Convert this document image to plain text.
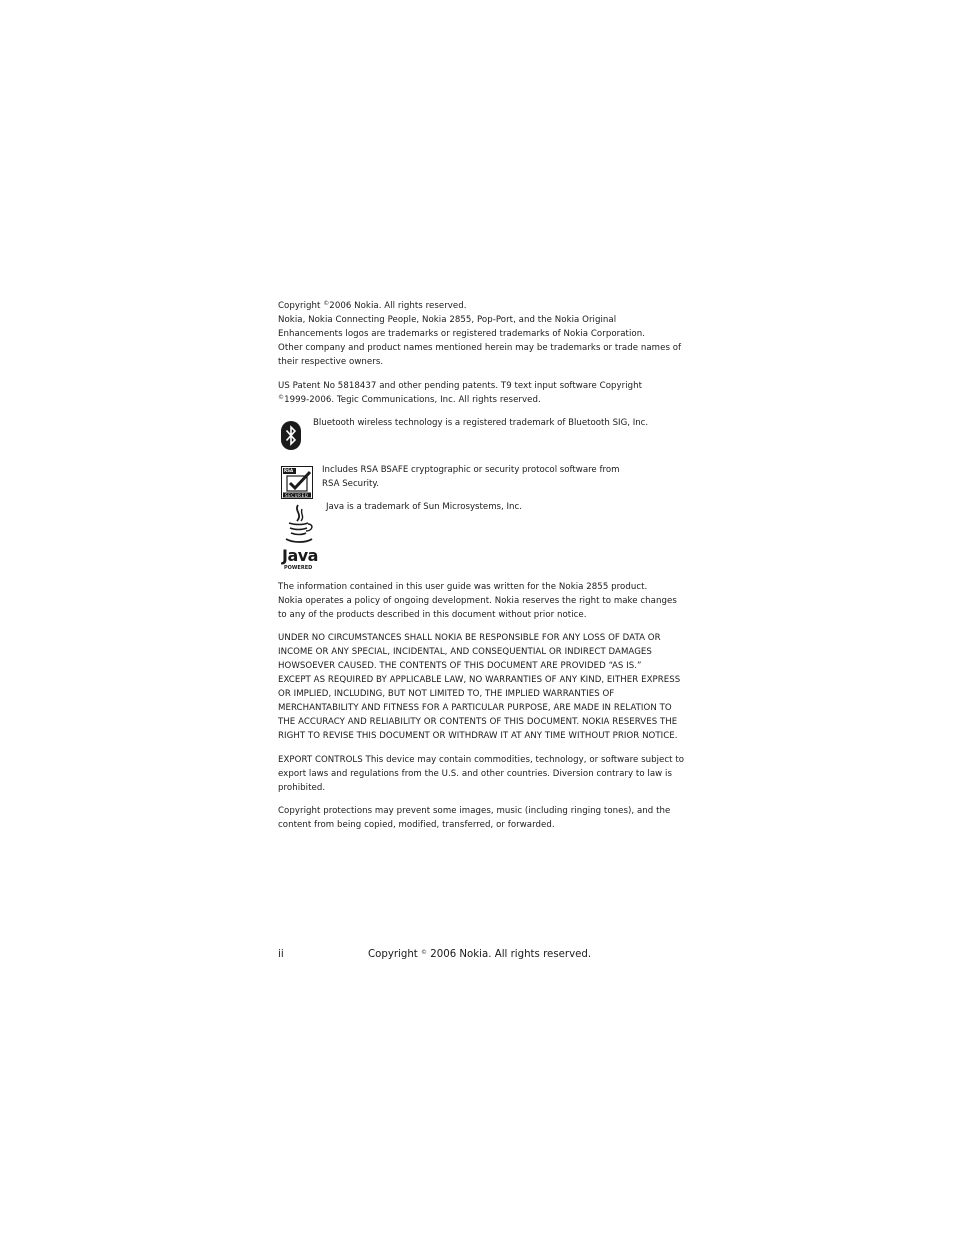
Copyright ©2006 Nokia. All rights reserved.
Nokia, Nokia Connecting People, Nokia 2855, Pop-Port, and the Nokia Original
Enhancements logos are trademarks or registered trademarks of Nokia Corporation.
Other company and product names mentioned herein may be trademarks or trade names of
their respective owners.
US Patent No 5818437 and other pending patents. T9 text input software Copyright
©1999-2006. Tegic Communications, Inc. All rights reserved.
Bluetooth wireless technology is a registered trademark of Bluetooth SIG, Inc.
RSA
SECURED
Includes RSA BSAFE cryptographic or security protocol software from
RSA Security.
Java
POWERED
Java is a trademark of Sun Microsystems, Inc.
The information contained in this user guide was written for the Nokia 2855 product.
Nokia operates a policy of ongoing development. Nokia reserves the right to make changes
to any of the products described in this document without prior notice.
UNDER NO CIRCUMSTANCES SHALL NOKIA BE RESPONSIBLE FOR ANY LOSS OF DATA OR
INCOME OR ANY SPECIAL, INCIDENTAL, AND CONSEQUENTIAL OR INDIRECT DAMAGES
HOWSOEVER CAUSED. THE CONTENTS OF THIS DOCUMENT ARE PROVIDED “AS IS.”
EXCEPT AS REQUIRED BY APPLICABLE LAW, NO WARRANTIES OF ANY KIND, EITHER EXPRESS
OR IMPLIED, INCLUDING, BUT NOT LIMITED TO, THE IMPLIED WARRANTIES OF
MERCHANTABILITY AND FITNESS FOR A PARTICULAR PURPOSE, ARE MADE IN RELATION TO
THE ACCURACY AND RELIABILITY OR CONTENTS OF THIS DOCUMENT. NOKIA RESERVES THE
RIGHT TO REVISE THIS DOCUMENT OR WITHDRAW IT AT ANY TIME WITHOUT PRIOR NOTICE.
EXPORT CONTROLS This device may contain commodities, technology, or software subject to
export laws and regulations from the U.S. and other countries. Diversion contrary to law is
prohibited.
Copyright protections may prevent some images, music (including ringing tones), and the
content from being copied, modified, transferred, or forwarded.
ii	Copyright © 2006 Nokia. All rights reserved.
